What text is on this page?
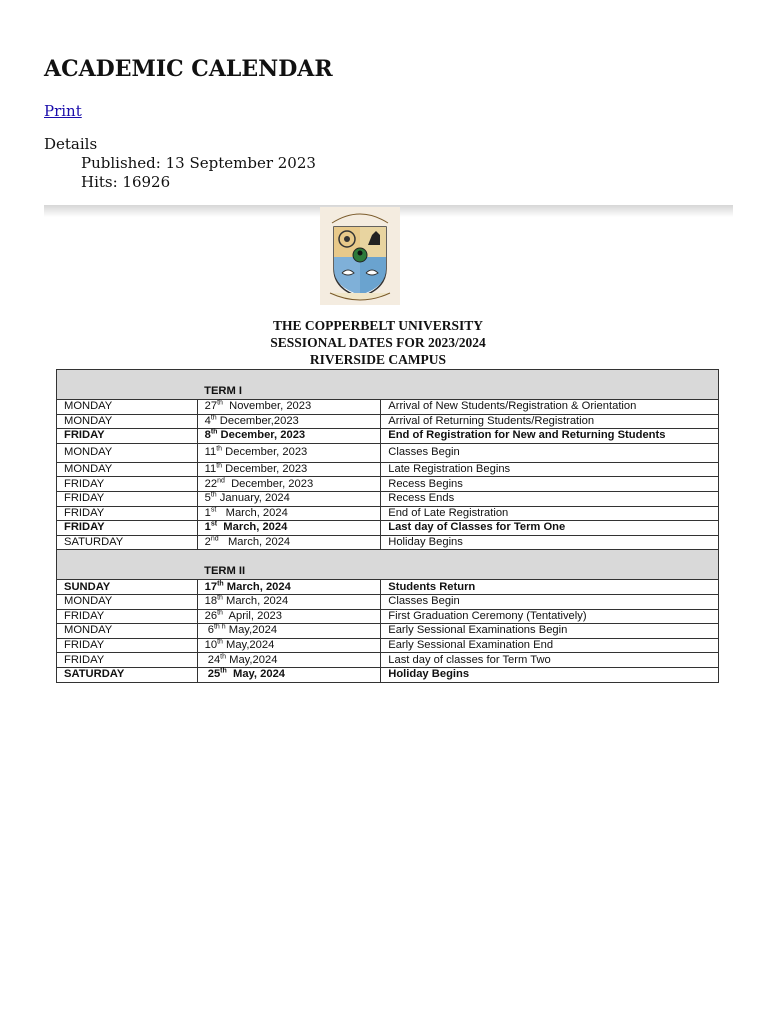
ACADEMIC CALENDAR
Print
Details
Published: 13 September 2023
Hits: 16926
THE COPPERBELT UNIVERSITY
SESSIONAL DATES FOR 2023/2024
RIVERSIDE CAMPUS
	TERM I	
MONDAY	27th  November, 2023	Arrival of New Students/Registration & Orientation
MONDAY	4th December,2023	Arrival of Returning Students/Registration
FRIDAY	8th December, 2023	End of Registration for New and Returning Students
MONDAY	11th December, 2023	Classes Begin
MONDAY	11th December, 2023	Late Registration Begins
FRIDAY	22nd  December, 2023	Recess Begins
FRIDAY	5th January, 2024	Recess Ends
FRIDAY	1st   March, 2024	End of Late Registration
FRIDAY	1st  March, 2024	Last day of Classes for Term One
SATURDAY	2nd   March, 2024	Holiday Begins
	TERM II	
SUNDAY	17th March, 2024	Students Return
MONDAY	18th March, 2024	Classes Begin
FRIDAY	26th  April, 2023	First Graduation Ceremony (Tentatively)
MONDAY	$6^{th h}$ May,2024	Early Sessional Examinations Begin
FRIDAY	10th May,2024	Early Sessional Examination End
FRIDAY	24th May,2024	Last day of classes for Term Two
SATURDAY	25th  May, 2024	Holiday Begins
